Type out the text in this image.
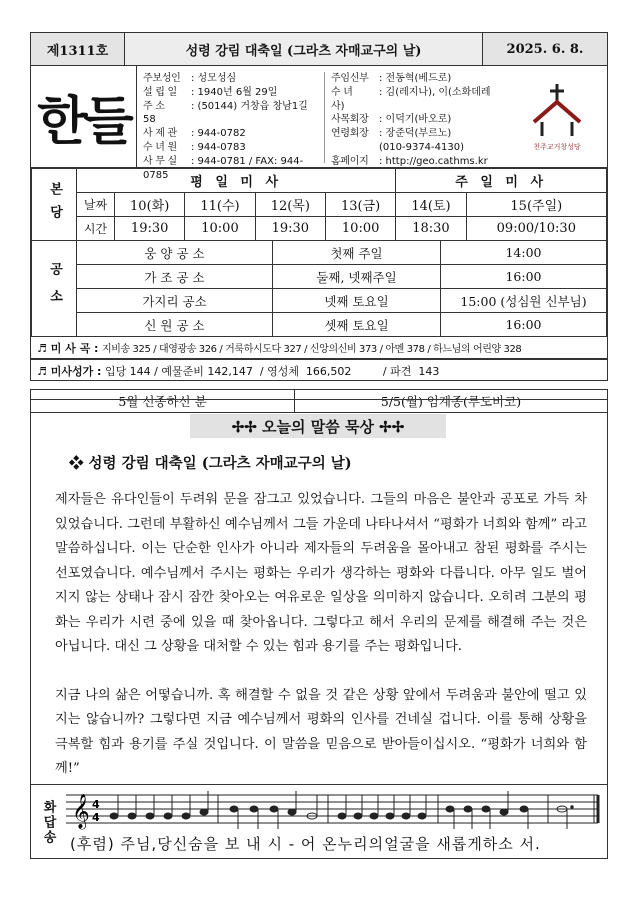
제1311호	성령 강림 대축일 (그라츠 자매교구의 날)	2025. 6. 8.
한들
주보성인 : 성모성심
설 립 일 : 1940년 6월 29일
주 소	: (50144) 거창읍 창남1길 58
사 제 관 : 944-0782
수 녀 원 : 944-0783
사 무 실 : 944-0781 / FAX: 944-0785
주임신부 : 전동혁(베드로)
수 녀	: 김(레지나), 이(소화데레사)
사목회장 : 이덕기(바오로)
연령회장 : 장준덕(부르노)
(010-9374-4130)
홈페이지 : http://geo.cathms.kr
천주교거창성당
본당	평 일 미 사					주 일 미 사	
	날짜	10(화)	11(수)	12(목)	13(금)	14(토)	15(주일)
	시간	19:30	10:00	19:30	10:00	18:30	09:00/10:30
공소	웅 양 공 소	첫째 주일	14:00
	가 조 공 소	둘째, 넷째주일	16:00
	가지리 공소	넷째 토요일	15:00 (성심원 신부님)
	신 원 공 소	셋째 토요일	16:00
♬ 미 사 곡 : 지비송 325 / 대영광송 326 / 거룩하시도다 327 / 신앙의신비 373 / 아멘 378 / 하느님의 어린양 328
♬ 미사성가 : 입당 144 / 예물준비 142,147  / 영성체  166,502         / 파견  143
5월 선종하신 분	5/5(월) 임계종(루도비코)
✢✢ 오늘의 말씀 묵상 ✢✢
❖ 성령 강림 대축일 (그라츠 자매교구의 날)

제자들은 유다인들이 두려워 문을 잠그고 있었습니다. 그들의 마음은 불안과 공포로 가득 차 있었습니다. 그런데 부활하신 예수님께서 그들 가운데 나타나셔서 “평화가 너희와 함께” 라고 말씀하십니다. 이는 단순한 인사가 아니라 제자들의 두려움을 몰아내고 참된 평화를 주시는 선포였습니다. 예수님께서 주시는 평화는 우리가 생각하는 평화와 다릅니다. 아무 일도 벌어지지 않는 상태나 잠시 잠깐 찾아오는 여유로운 일상을 의미하지 않습니다. 오히려 그분의 평화는 우리가 시련 중에 있을 때 찾아옵니다. 그렇다고 해서 우리의 문제를 해결해 주는 것은 아닙니다. 대신 그 상황을 대처할 수 있는 힘과 용기를 주는 평화입니다.

지금 나의 삶은 어떻습니까. 혹 해결할 수 없을 것 같은 상황 앞에서 두려움과 불안에 떨고 있지는 않습니까? 그렇다면 지금 예수님께서 평화의 인사를 건네실 겁니다. 이를 통해 상황을 극복할 힘과 용기를 주실 것입니다. 이 말씀을 믿음으로 받아들이십시오. “평화가 너희와 함께!”

화답송 𝄞 4
4
(후렴) 주님,당신숨을 보 내 시 - 어 온누리의얼굴을 새롭게하소 서.
